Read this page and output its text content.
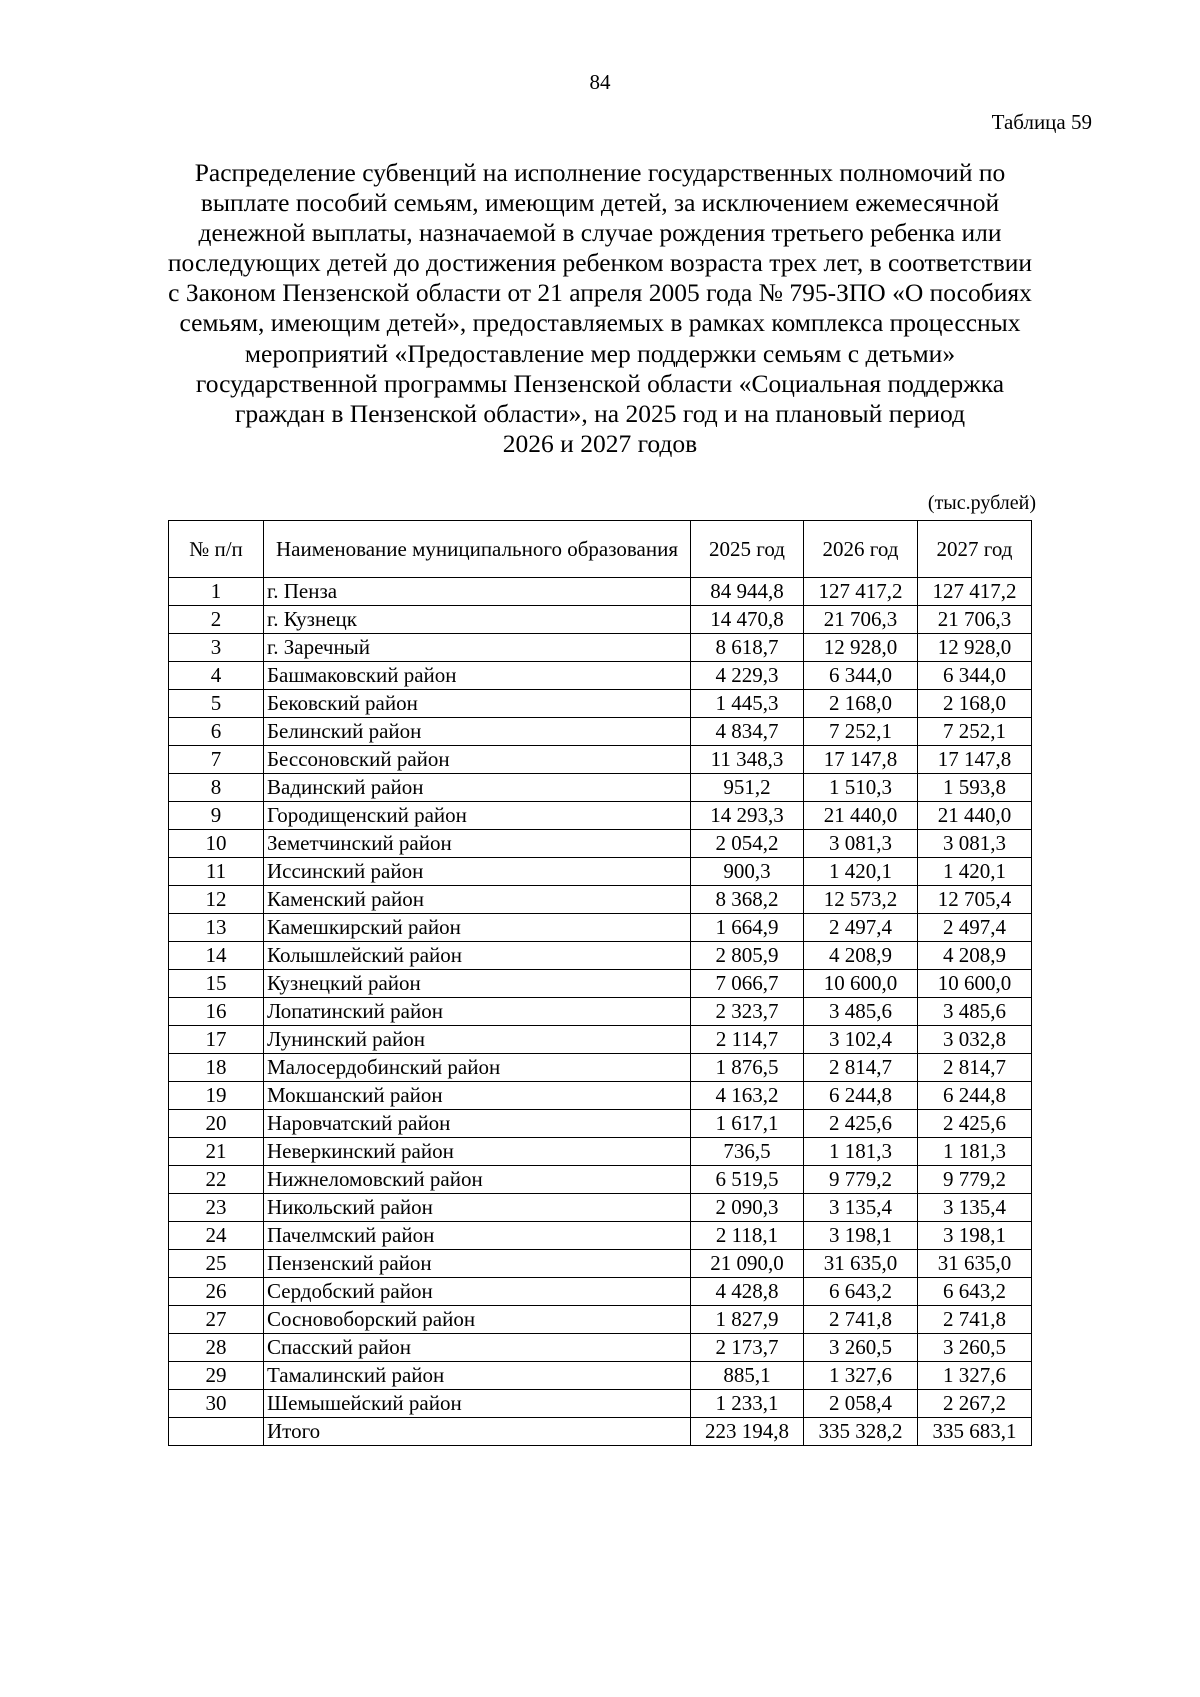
84
Таблица 59
Распределение субвенций на исполнение государственных полномочий по
выплате пособий семьям, имеющим детей, за исключением ежемесячной
денежной выплаты, назначаемой в случае рождения третьего ребенка или
последующих детей до достижения ребенком возраста трех лет, в соответствии
с Законом Пензенской области от 21 апреля 2005 года № 795-ЗПО «О пособиях
семьям, имеющим детей», предоставляемых в рамках комплекса процессных
мероприятий «Предоставление мер поддержки семьям с детьми»
государственной программы Пензенской области «Социальная поддержка
граждан в Пензенской области», на 2025 год и на плановый период
2026 и 2027 годов
(тыс.рублей)
№ п/п	Наименование муниципального образования	2025 год	2026 год	2027 год
1	г. Пенза	84 944,8	127 417,2	127 417,2
2	г. Кузнецк	14 470,8	21 706,3	21 706,3
3	г. Заречный	8 618,7	12 928,0	12 928,0
4	Башмаковский район	4 229,3	6 344,0	6 344,0
5	Бековский район	1 445,3	2 168,0	2 168,0
6	Белинский район	4 834,7	7 252,1	7 252,1
7	Бессоновский район	11 348,3	17 147,8	17 147,8
8	Вадинский район	951,2	1 510,3	1 593,8
9	Городищенский район	14 293,3	21 440,0	21 440,0
10	Земетчинский район	2 054,2	3 081,3	3 081,3
11	Иссинский район	900,3	1 420,1	1 420,1
12	Каменский район	8 368,2	12 573,2	12 705,4
13	Камешкирский район	1 664,9	2 497,4	2 497,4
14	Колышлейский район	2 805,9	4 208,9	4 208,9
15	Кузнецкий район	7 066,7	10 600,0	10 600,0
16	Лопатинский район	2 323,7	3 485,6	3 485,6
17	Лунинский район	2 114,7	3 102,4	3 032,8
18	Малосердобинский район	1 876,5	2 814,7	2 814,7
19	Мокшанский район	4 163,2	6 244,8	6 244,8
20	Наровчатский район	1 617,1	2 425,6	2 425,6
21	Неверкинский район	736,5	1 181,3	1 181,3
22	Нижнеломовский район	6 519,5	9 779,2	9 779,2
23	Никольский район	2 090,3	3 135,4	3 135,4
24	Пачелмский район	2 118,1	3 198,1	3 198,1
25	Пензенский район	21 090,0	31 635,0	31 635,0
26	Сердобский район	4 428,8	6 643,2	6 643,2
27	Сосновоборский район	1 827,9	2 741,8	2 741,8
28	Спасский район	2 173,7	3 260,5	3 260,5
29	Тамалинский район	885,1	1 327,6	1 327,6
30	Шемышейский район	1 233,1	2 058,4	2 267,2
	Итого	223 194,8	335 328,2	335 683,1
